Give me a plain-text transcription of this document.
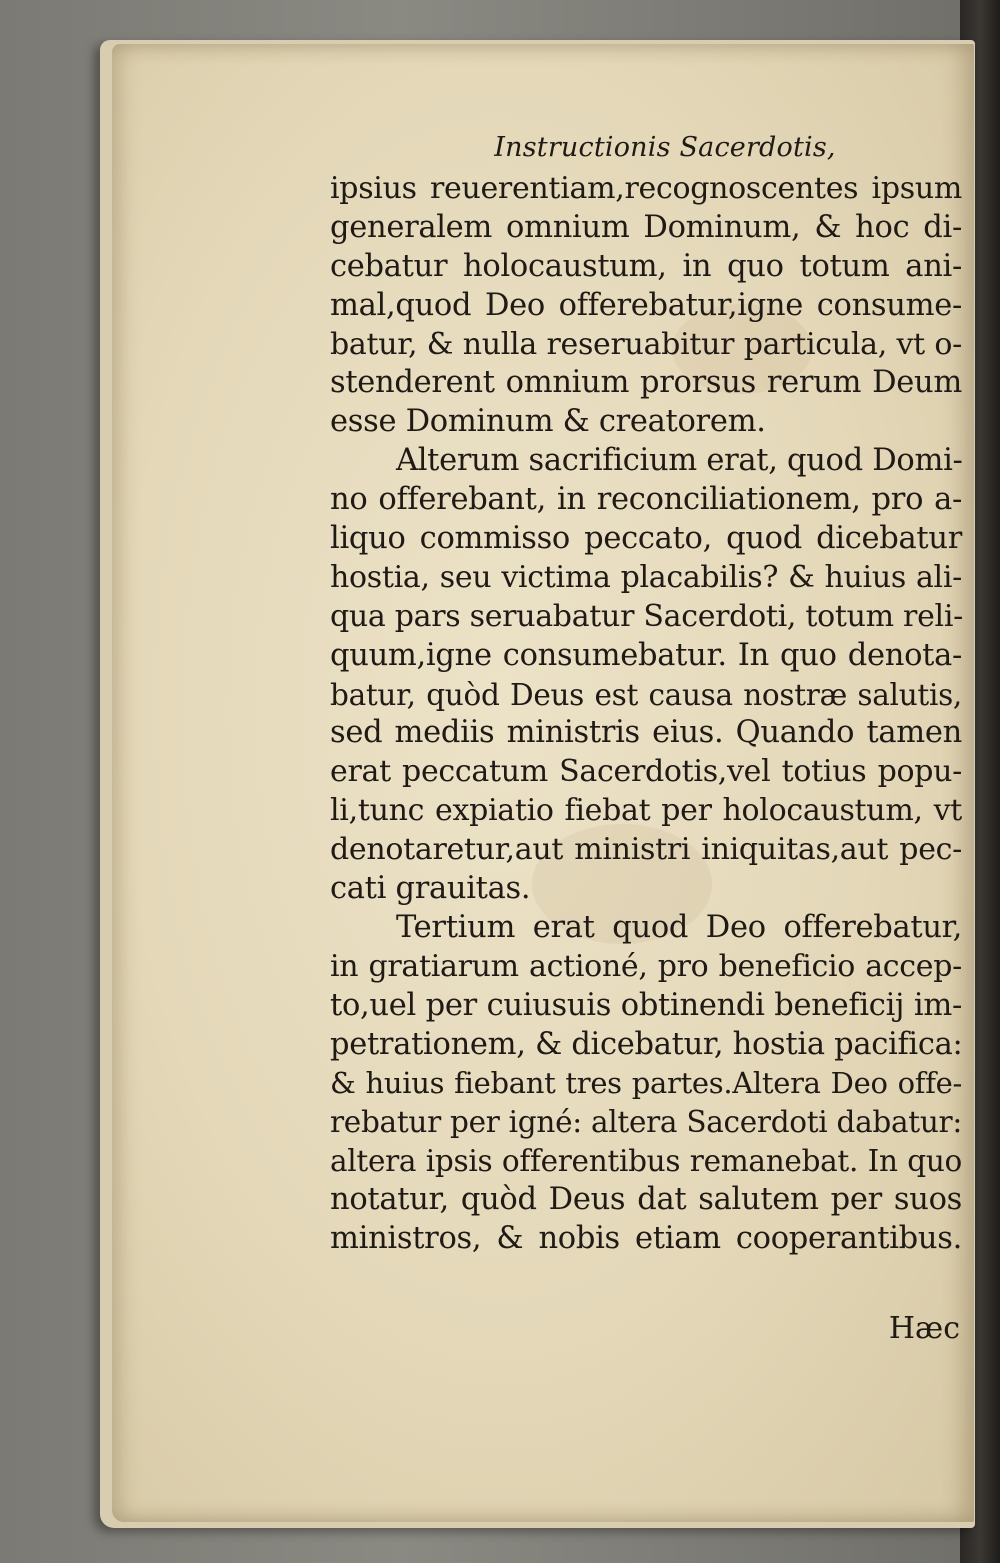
Instructionis Sacerdotis,
ipsius reuerentiam,recognoscentes ipsum
generalem omnium Dominum, & hoc di-
cebatur holocaustum, in quo totum ani-
mal,quod Deo offerebatur,igne consume-
batur, & nulla reseruabitur particula, vt o-
stenderent omnium prorsus rerum Deum
esse Dominum & creatorem.
Alterum sacrificium erat, quod Domi-
no offerebant, in reconciliationem, pro a-
liquo commisso peccato, quod dicebatur
hostia, seu victima placabilis? & huius ali-
qua pars seruabatur Sacerdoti, totum reli-
quum,igne consumebatur. In quo denota-
batur, quòd Deus est causa nostræ salutis,
sed mediis ministris eius. Quando tamen
erat peccatum Sacerdotis,vel totius popu-
li,tunc expiatio fiebat per holocaustum, vt
denotaretur,aut ministri iniquitas,aut pec-
cati grauitas.
Tertium erat quod Deo offerebatur,
in gratiarum actioné, pro beneficio accep-
to,uel per cuiusuis obtinendi beneficij im-
petrationem, & dicebatur, hostia pacifica:
& huius fiebant tres partes.Altera Deo offe-
rebatur per igné: altera Sacerdoti dabatur:
altera ipsis offerentibus remanebat. In quo
notatur, quòd Deus dat salutem per suos
ministros, & nobis etiam cooperantibus.
Hæc
